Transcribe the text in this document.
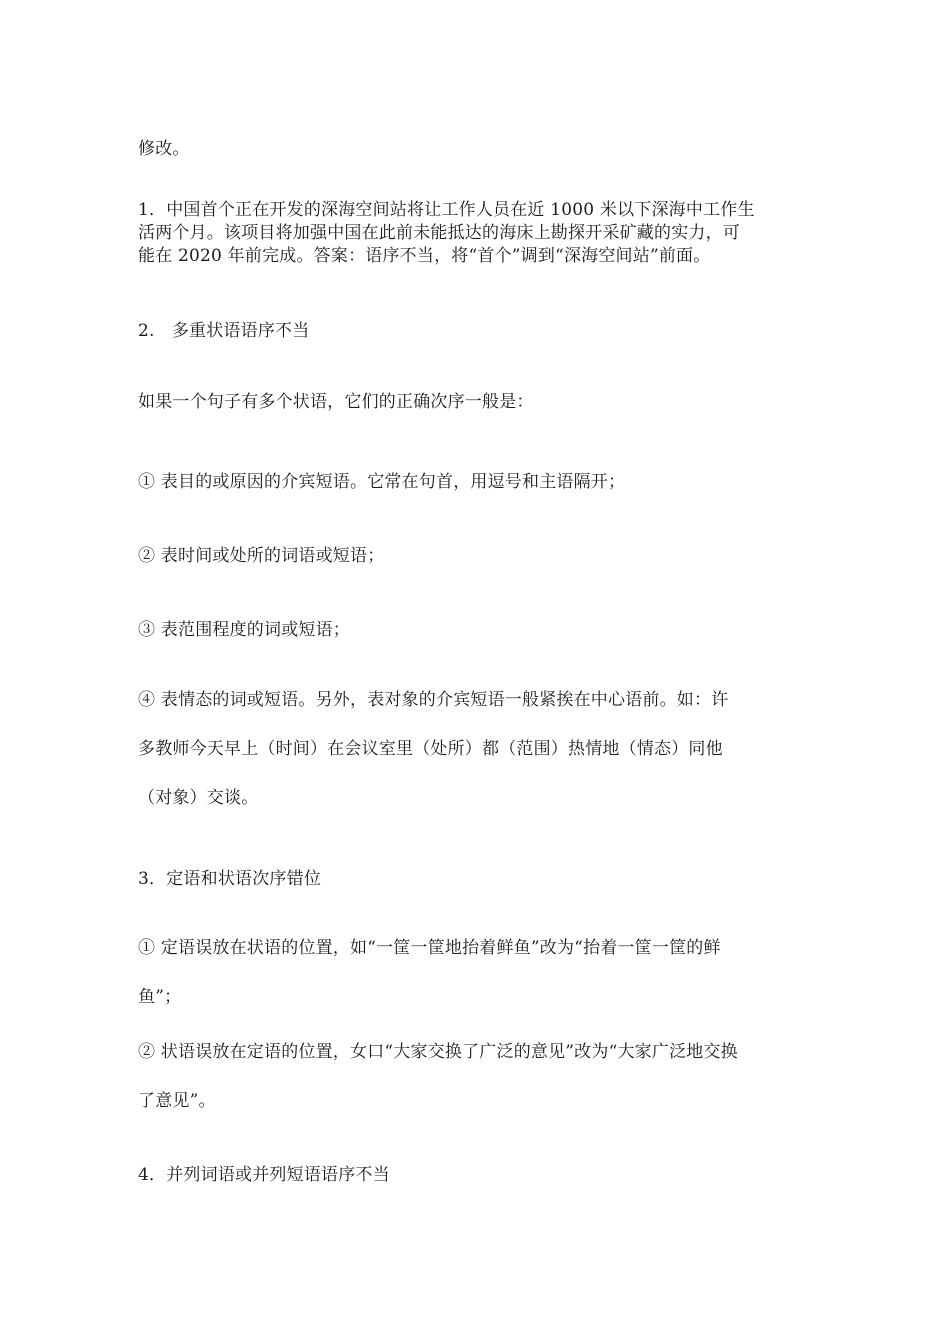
修改。
1．中国首个正在开发的深海空间站将让工作人员在近 1000 米以下深海中工作生
活两个月。该项目将加强中国在此前未能抵达的海床上勘探开采矿藏的实力，可
能在 2020 年前完成。答案：语序不当，将“首个”调到“深海空间站”前面。
2.　多重状语语序不当
如果一个句子有多个状语，它们的正确次序一般是：
① 表目的或原因的介宾短语。它常在句首，用逗号和主语隔开；
② 表时间或处所的词语或短语；
③ 表范围程度的词或短语；
④ 表情态的词或短语。另外，表对象的介宾短语一般紧挨在中心语前。如：许
多教师今天早上（时间）在会议室里（处所）都（范围）热情地（情态）同他
（对象）交谈。
3．定语和状语次序错位
① 定语误放在状语的位置，如“一筐一筐地抬着鲜鱼”改为“抬着一筐一筐的鲜
鱼”；
② 状语误放在定语的位置，女口“大家交换了广泛的意见”改为“大家广泛地交换
了意见”。
4．并列词语或并列短语语序不当
